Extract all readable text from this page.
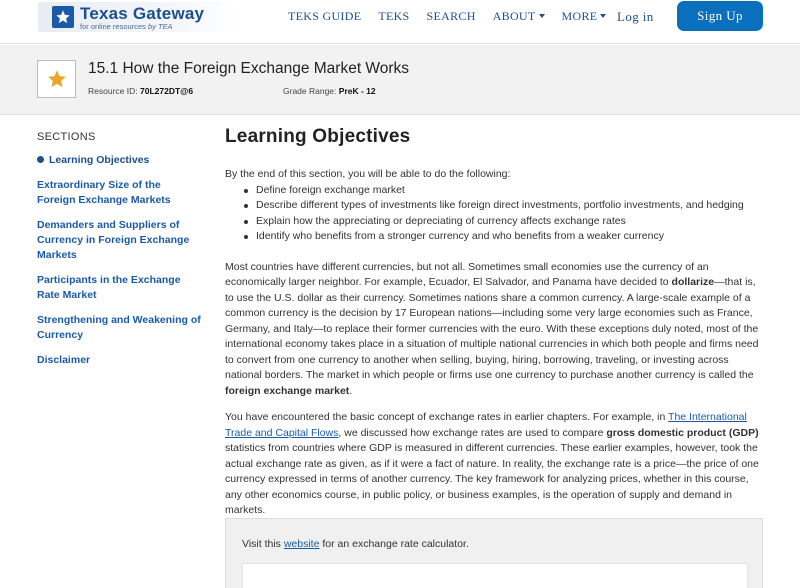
Texas Gateway
for online resources by TEA
TEKS GUIDE TEKS SEARCH ABOUT	MORE	Log in	Sign Up
15.1 How the Foreign Exchange Market Works
Resource ID: 70L272DT@6	Grade Range: PreK - 12
SECTIONS
Learning Objectives
Extraordinary Size of the Foreign Exchange Markets
Demanders and Suppliers of Currency in Foreign Exchange Markets
Participants in the Exchange Rate Market
Strengthening and Weakening of Currency
Disclaimer
Learning Objectives
By the end of this section, you will be able to do the following:
Define foreign exchange market
Describe different types of investments like foreign direct investments, portfolio investments, and hedging
Explain how the appreciating or depreciating of currency affects exchange rates
Identify who benefits from a stronger currency and who benefits from a weaker currency
Most countries have different currencies, but not all. Sometimes small economies use the currency of an economically larger neighbor. For example, Ecuador, El Salvador, and Panama have decided to dollarize—that is, to use the U.S. dollar as their currency. Sometimes nations share a common currency. A large-scale example of a common currency is the decision by 17 European nations—including some very large economies such as France, Germany, and Italy—to replace their former currencies with the euro. With these exceptions duly noted, most of the international economy takes place in a situation of multiple national currencies in which both people and firms need to convert from one currency to another when selling, buying, hiring, borrowing, traveling, or investing across national borders. The market in which people or firms use one currency to purchase another currency is called the foreign exchange market.
You have encountered the basic concept of exchange rates in earlier chapters. For example, in The International Trade and Capital Flows, we discussed how exchange rates are used to compare gross domestic product (GDP) statistics from countries where GDP is measured in different currencies. These earlier examples, however, took the actual exchange rate as given, as if it were a fact of nature. In reality, the exchange rate is a price—the price of one currency expressed in terms of another currency. The key framework for analyzing prices, whether in this course, any other economics course, in public policy, or business examples, is the operation of supply and demand in markets.
Visit this website for an exchange rate calculator.
